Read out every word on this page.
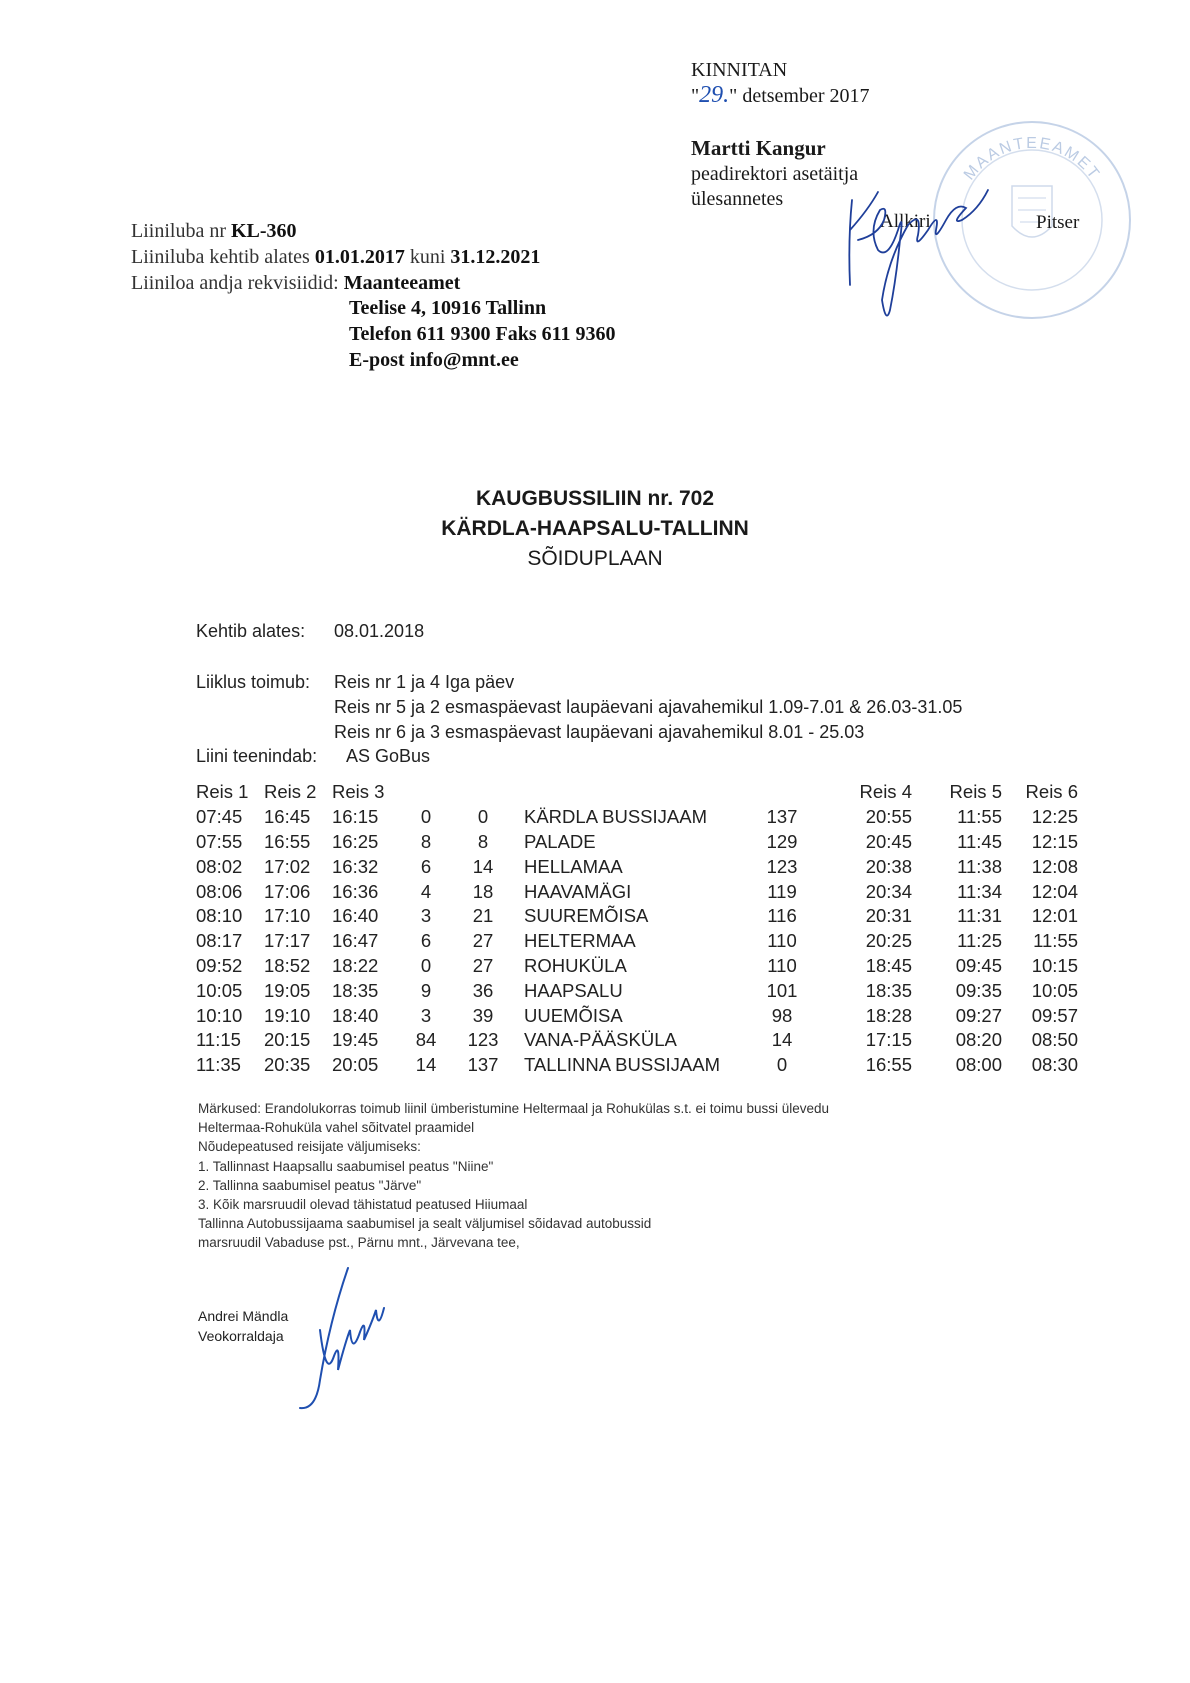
KINNITAN
"29." detsember 2017
Martti Kangur
peadirektori asetäitja
ülesannetes
MAANTEEAMET
Allkiri	Pitser
Liiniluba nr KL-360
Liiniluba kehtib alates 01.01.2017 kuni 31.12.2021
Liiniloa andja rekvisiidid: Maanteeamet
Teelise 4, 10916 Tallinn
Telefon 611 9300 Faks 611 9360
E-post info@mnt.ee
KAUGBUSSILIIN nr. 702
KÄRDLA-HAAPSALU-TALLINN
SÕIDUPLAAN
Kehtib alates: 08.01.2018
Liiklus toimub: Reis nr 1 ja 4 Iga päev
Reis nr 5 ja 2 esmaspäevast laupäevani ajavahemikul 1.09-7.01 & 26.03-31.05
Reis nr 6 ja 3 esmaspäevast laupäevani ajavahemikul 8.01 - 25.03
Liini teenindab: AS GoBus
Reis 1	Reis 2	Reis 3					Reis 4	Reis 5	Reis 6
07:45	16:45	16:15	0	0	KÄRDLA BUSSIJAAM	137	20:55	11:55	12:25
07:55	16:55	16:25	8	8	PALADE	129	20:45	11:45	12:15
08:02	17:02	16:32	6	14	HELLAMAA	123	20:38	11:38	12:08
08:06	17:06	16:36	4	18	HAAVAMÄGI	119	20:34	11:34	12:04
08:10	17:10	16:40	3	21	SUUREMÕISA	116	20:31	11:31	12:01
08:17	17:17	16:47	6	27	HELTERMAA	110	20:25	11:25	11:55
09:52	18:52	18:22	0	27	ROHUKÜLA	110	18:45	09:45	10:15
10:05	19:05	18:35	9	36	HAAPSALU	101	18:35	09:35	10:05
10:10	19:10	18:40	3	39	UUEMÕISA	98	18:28	09:27	09:57
11:15	20:15	19:45	84	123	VANA-PÄÄSKÜLA	14	17:15	08:20	08:50
11:35	20:35	20:05	14	137	TALLINNA BUSSIJAAM	0	16:55	08:00	08:30
Märkused: Erandolukorras toimub liinil ümberistumine Heltermaal ja Rohukülas s.t. ei toimu bussi ülevedu
Heltermaa-Rohuküla vahel sõitvatel praamidel
Nõudepeatused reisijate väljumiseks:
1. Tallinnast Haapsallu saabumisel peatus "Niine"
2. Tallinna saabumisel peatus "Järve"
3. Kõik marsruudil olevad tähistatud peatused Hiiumaal
Tallinna Autobussijaama saabumisel ja sealt väljumisel sõidavad autobussid
marsruudil Vabaduse pst., Pärnu mnt., Järvevana tee,
Andrei Mändla
Veokorraldaja
